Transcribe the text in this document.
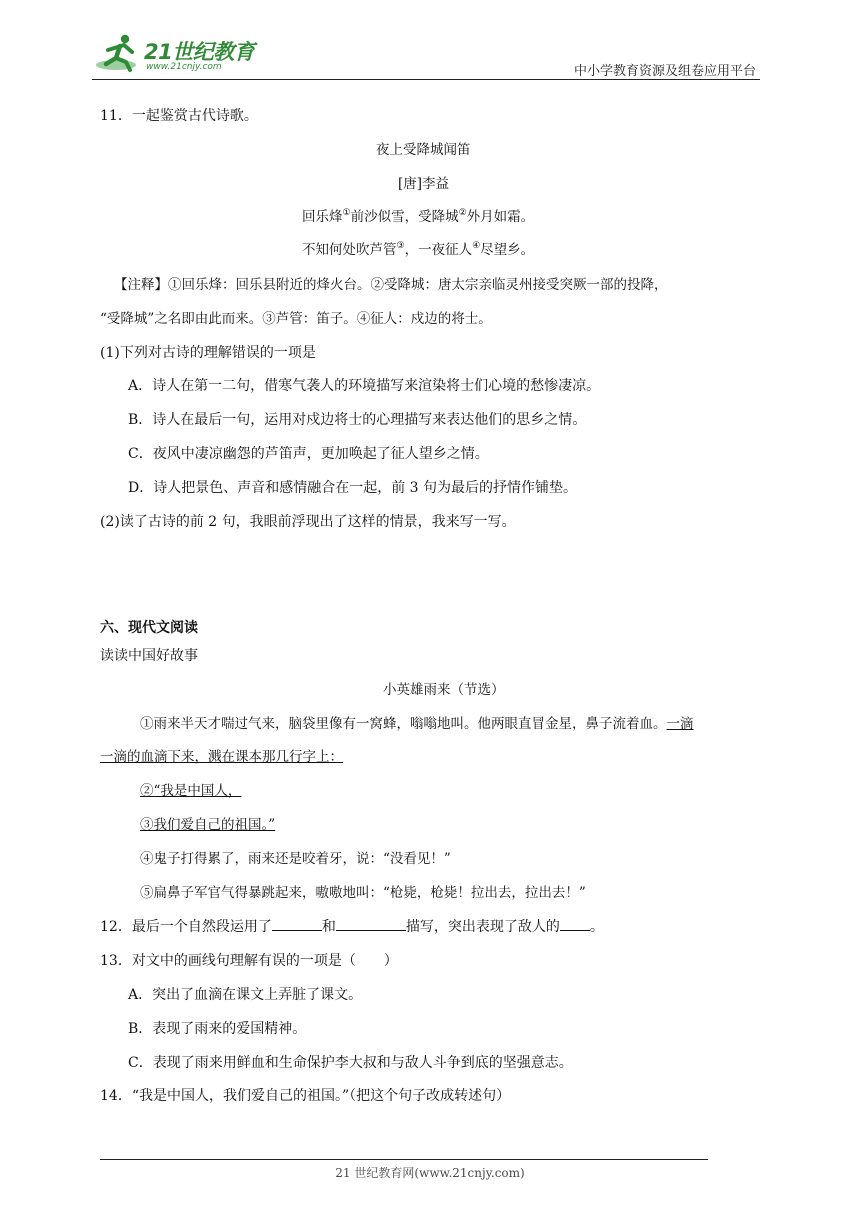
21世纪教育
www.21cnjy.com	中小学教育资源及组卷应用平台
11．一起鉴赏古代诗歌。
夜上受降城闻笛
[唐]李益
回乐烽①前沙似雪，受降城②外月如霜。
不知何处吹芦管③，一夜征人④尽望乡。
【注释】①回乐烽：回乐县附近的烽火台。②受降城：唐太宗亲临灵州接受突厥一部的投降，
“受降城”之名即由此而来。③芦管：笛子。④征人：戍边的将士。
(1)下列对古诗的理解错误的一项是
A．诗人在第一二句，借寒气袭人的环境描写来渲染将士们心境的愁惨凄凉。
B．诗人在最后一句，运用对戍边将士的心理描写来表达他们的思乡之情。
C．夜风中凄凉幽怨的芦笛声，更加唤起了征人望乡之情。
D．诗人把景色、声音和感情融合在一起，前 3 句为最后的抒情作铺垫。
(2)读了古诗的前 2 句，我眼前浮现出了这样的情景，我来写一写。
六、现代文阅读
读读中国好故事
小英雄雨来（节选）
①雨来半天才喘过气来，脑袋里像有一窝蜂，嗡嗡地叫。他两眼直冒金星，鼻子流着血。一滴
一滴的血滴下来，溅在课本那几行字上：
②“我是中国人，
③我们爱自己的祖国。”
④鬼子打得累了，雨来还是咬着牙，说：“没看见！”
⑤扁鼻子军官气得暴跳起来，嗷嗷地叫：“枪毙，枪毙！拉出去，拉出去！”
12．最后一个自然段运用了	和	描写，突出表现了敌人的 。
13．对文中的画线句理解有误的一项是（　　）
A．突出了血滴在课文上弄脏了课文。
B．表现了雨来的爱国精神。
C．表现了雨来用鲜血和生命保护李大叔和与敌人斗争到底的坚强意志。
14．“我是中国人，我们爱自己的祖国。”（把这个句子改成转述句）
21 世纪教育网(www.21cnjy.com)
